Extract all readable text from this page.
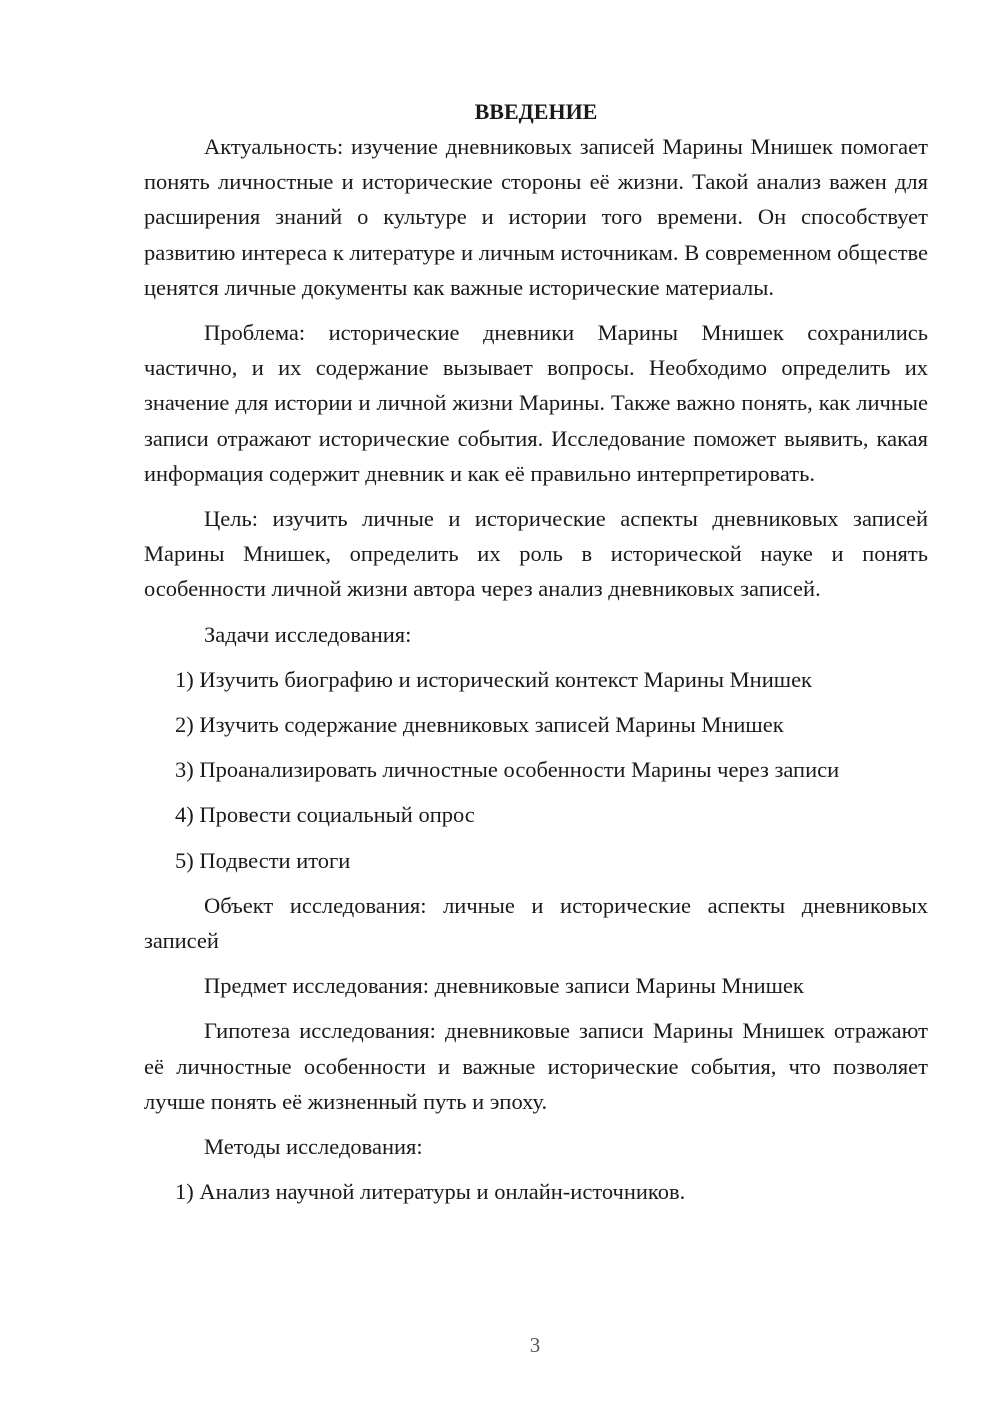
ВВЕДЕНИЕ

Актуальность: изучение дневниковых записей Марины Мнишек помогает понять личностные и исторические стороны её жизни. Такой анализ важен для расширения знаний о культуре и истории того времени. Он способствует развитию интереса к литературе и личным источникам. В современном обществе ценятся личные документы как важные исторические материалы.

Проблема: исторические дневники Марины Мнишек сохранились частично, и их содержание вызывает вопросы. Необходимо определить их значение для истории и личной жизни Марины. Также важно понять, как личные записи отражают исторические события. Исследование поможет выявить, какая информация содержит дневник и как её правильно интерпретировать.

Цель: изучить личные и исторические аспекты дневниковых записей Марины Мнишек, определить их роль в исторической науке и понять особенности личной жизни автора через анализ дневниковых записей.

Задачи исследования:

1) Изучить биографию и исторический контекст Марины Мнишек

2) Изучить содержание дневниковых записей Марины Мнишек

3) Проанализировать личностные особенности Марины через записи

4) Провести социальный опрос

5) Подвести итоги

Объект исследования: личные и исторические аспекты дневниковых записей

Предмет исследования: дневниковые записи Марины Мнишек

Гипотеза исследования: дневниковые записи Марины Мнишек отражают её личностные особенности и важные исторические события, что позволяет лучше понять её жизненный путь и эпоху.

Методы исследования:

1) Анализ научной литературы и онлайн-источников.

3
